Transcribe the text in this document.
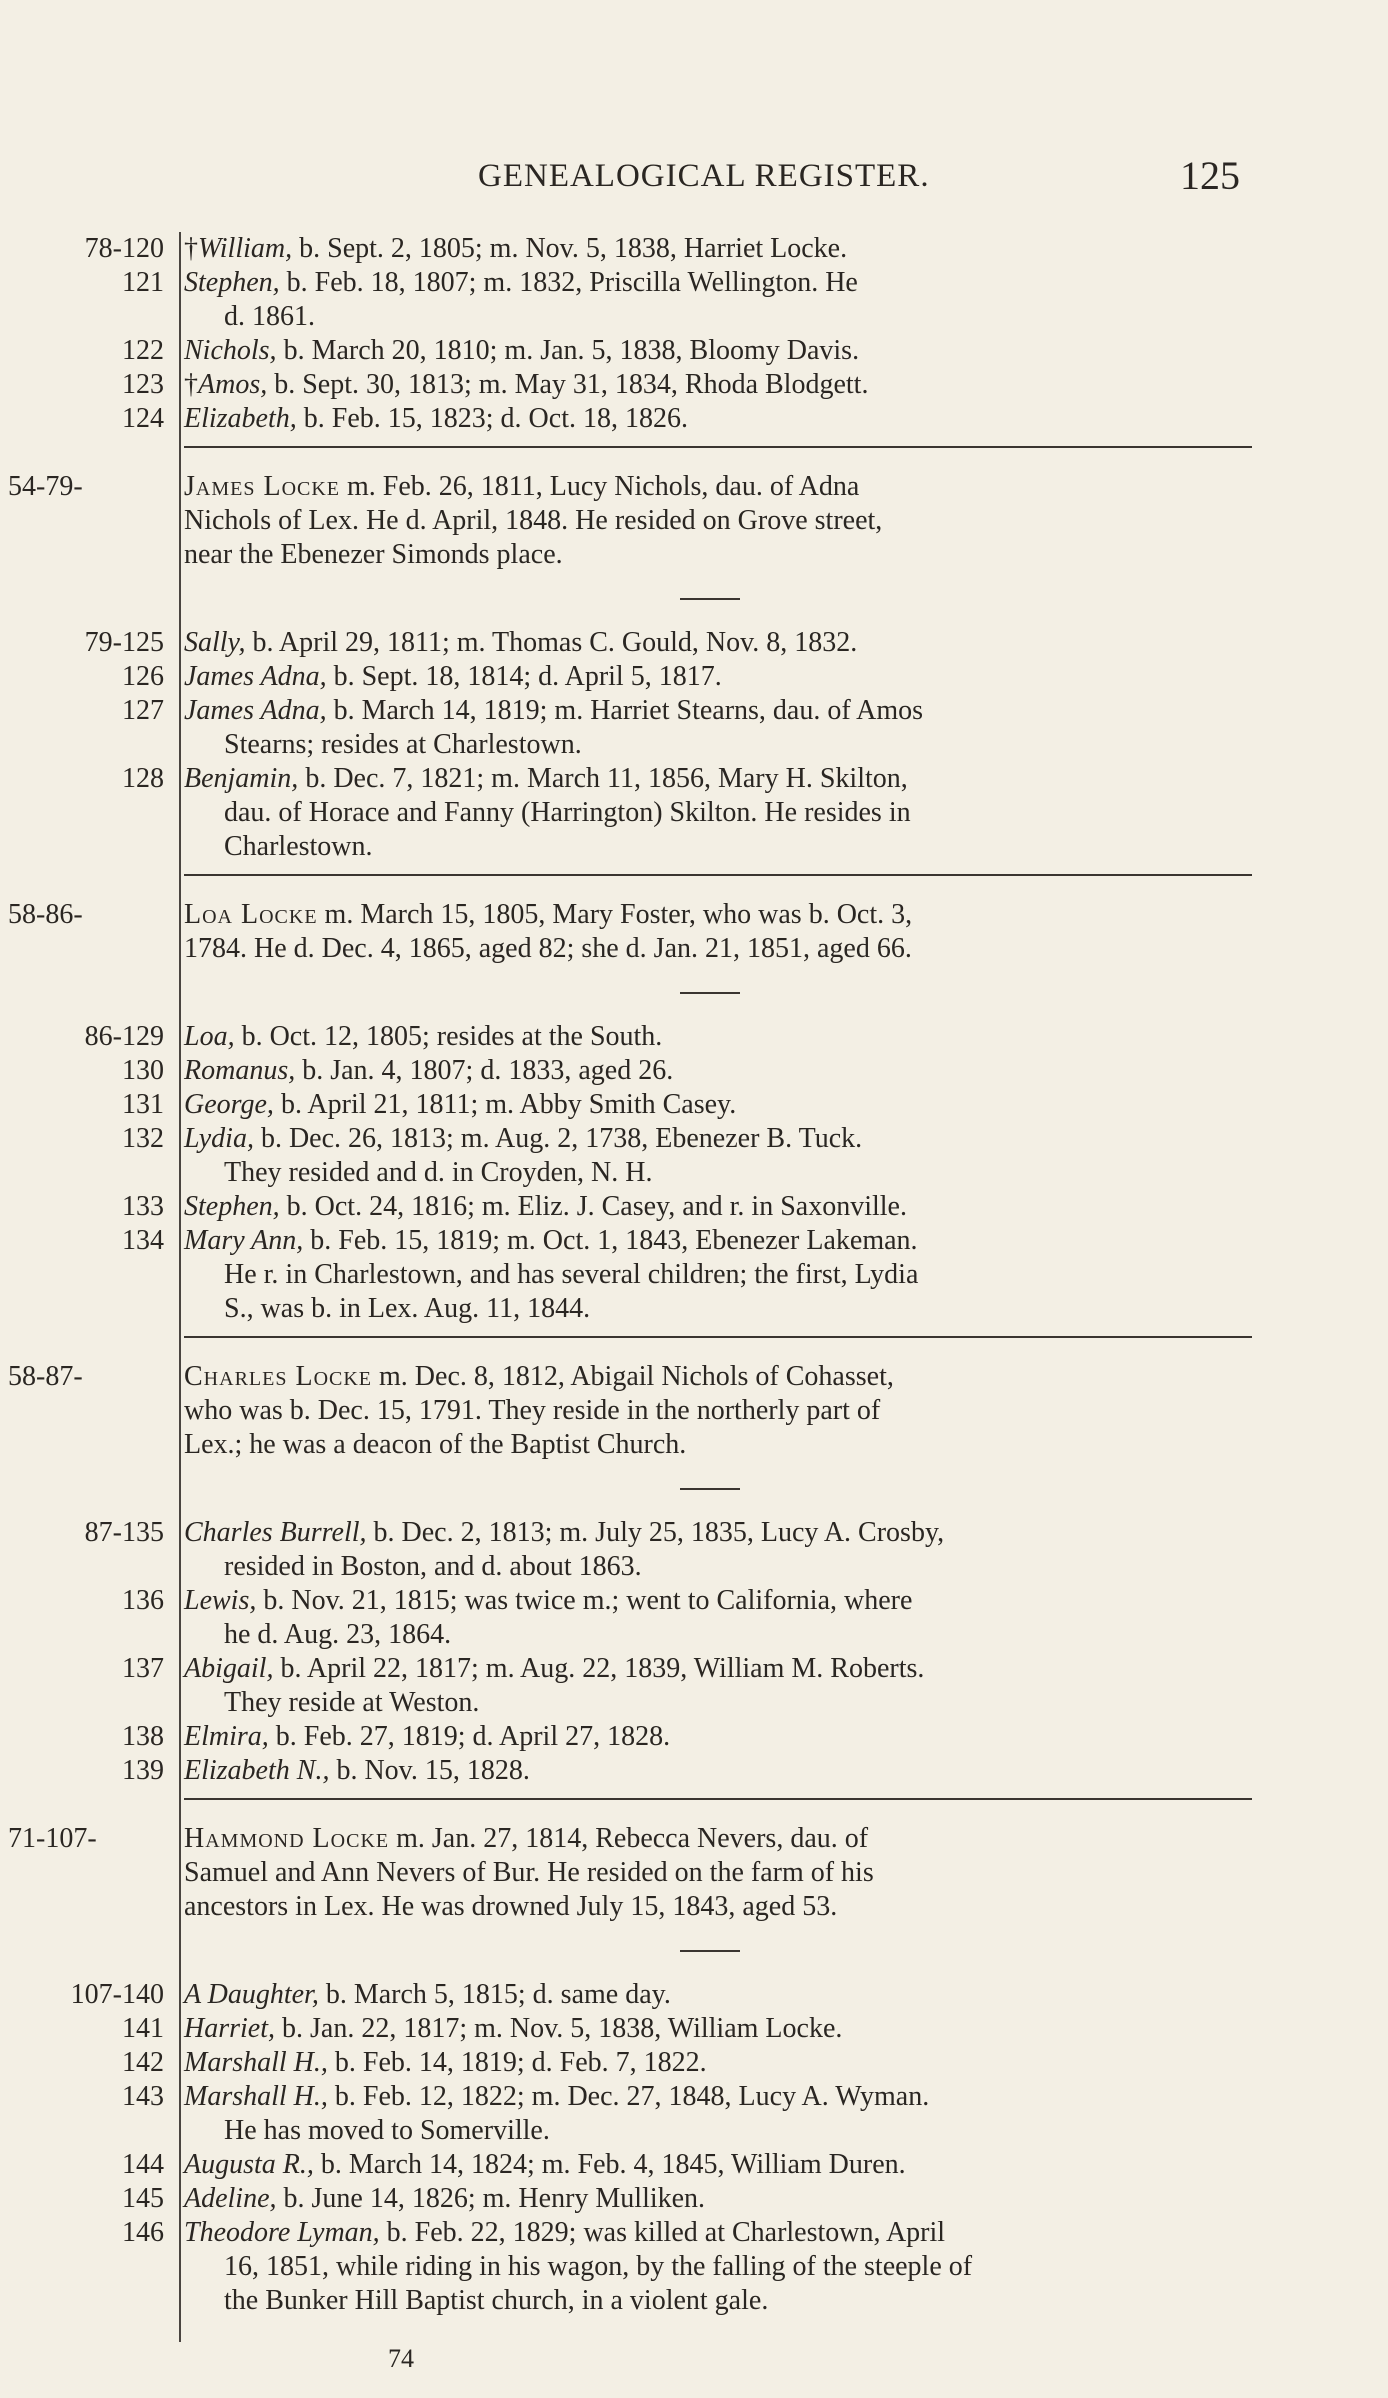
GENEALOGICAL REGISTER.	125
78-120 †William, b. Sept. 2, 1805; m. Nov. 5, 1838, Harriet Locke.
121 Stephen, b. Feb. 18, 1807; m. 1832, Priscilla Wellington. He
d. 1861.
122 Nichols, b. March 20, 1810; m. Jan. 5, 1838, Bloomy Davis.
123 †Amos, b. Sept. 30, 1813; m. May 31, 1834, Rhoda Blodgett.
124 Elizabeth, b. Feb. 15, 1823; d. Oct. 18, 1826.
54-79-	James Locke m. Feb. 26, 1811, Lucy Nichols, dau. of Adna
Nichols of Lex. He d. April, 1848. He resided on Grove street,
near the Ebenezer Simonds place.
79-125 Sally, b. April 29, 1811; m. Thomas C. Gould, Nov. 8, 1832.
126 James Adna, b. Sept. 18, 1814; d. April 5, 1817.
127 James Adna, b. March 14, 1819; m. Harriet Stearns, dau. of Amos
Stearns; resides at Charlestown.
128 Benjamin, b. Dec. 7, 1821; m. March 11, 1856, Mary H. Skilton,
dau. of Horace and Fanny (Harrington) Skilton. He resides in
Charlestown.
58-86-	Loa Locke m. March 15, 1805, Mary Foster, who was b. Oct. 3,
1784. He d. Dec. 4, 1865, aged 82; she d. Jan. 21, 1851, aged 66.
86-129 Loa, b. Oct. 12, 1805; resides at the South.
130 Romanus, b. Jan. 4, 1807; d. 1833, aged 26.
131 George, b. April 21, 1811; m. Abby Smith Casey.
132 Lydia, b. Dec. 26, 1813; m. Aug. 2, 1738, Ebenezer B. Tuck.
They resided and d. in Croyden, N. H.
133 Stephen, b. Oct. 24, 1816; m. Eliz. J. Casey, and r. in Saxonville.
134 Mary Ann, b. Feb. 15, 1819; m. Oct. 1, 1843, Ebenezer Lakeman.
He r. in Charlestown, and has several children; the first, Lydia
S., was b. in Lex. Aug. 11, 1844.
58-87-	Charles Locke m. Dec. 8, 1812, Abigail Nichols of Cohasset,
who was b. Dec. 15, 1791. They reside in the northerly part of
Lex.; he was a deacon of the Baptist Church.
87-135 Charles Burrell, b. Dec. 2, 1813; m. July 25, 1835, Lucy A. Crosby,
resided in Boston, and d. about 1863.
136 Lewis, b. Nov. 21, 1815; was twice m.; went to California, where
he d. Aug. 23, 1864.
137 Abigail, b. April 22, 1817; m. Aug. 22, 1839, William M. Roberts.
They reside at Weston.
138 Elmira, b. Feb. 27, 1819; d. April 27, 1828.
139 Elizabeth N., b. Nov. 15, 1828.
71-107-	Hammond Locke m. Jan. 27, 1814, Rebecca Nevers, dau. of
Samuel and Ann Nevers of Bur. He resided on the farm of his
ancestors in Lex. He was drowned July 15, 1843, aged 53.
107-140 A Daughter, b. March 5, 1815; d. same day.
141 Harriet, b. Jan. 22, 1817; m. Nov. 5, 1838, William Locke.
142 Marshall H., b. Feb. 14, 1819; d. Feb. 7, 1822.
143 Marshall H., b. Feb. 12, 1822; m. Dec. 27, 1848, Lucy A. Wyman.
He has moved to Somerville.
144 Augusta R., b. March 14, 1824; m. Feb. 4, 1845, William Duren.
145 Adeline, b. June 14, 1826; m. Henry Mulliken.
146 Theodore Lyman, b. Feb. 22, 1829; was killed at Charlestown, April
16, 1851, while riding in his wagon, by the falling of the steeple of
the Bunker Hill Baptist church, in a violent gale.
74
